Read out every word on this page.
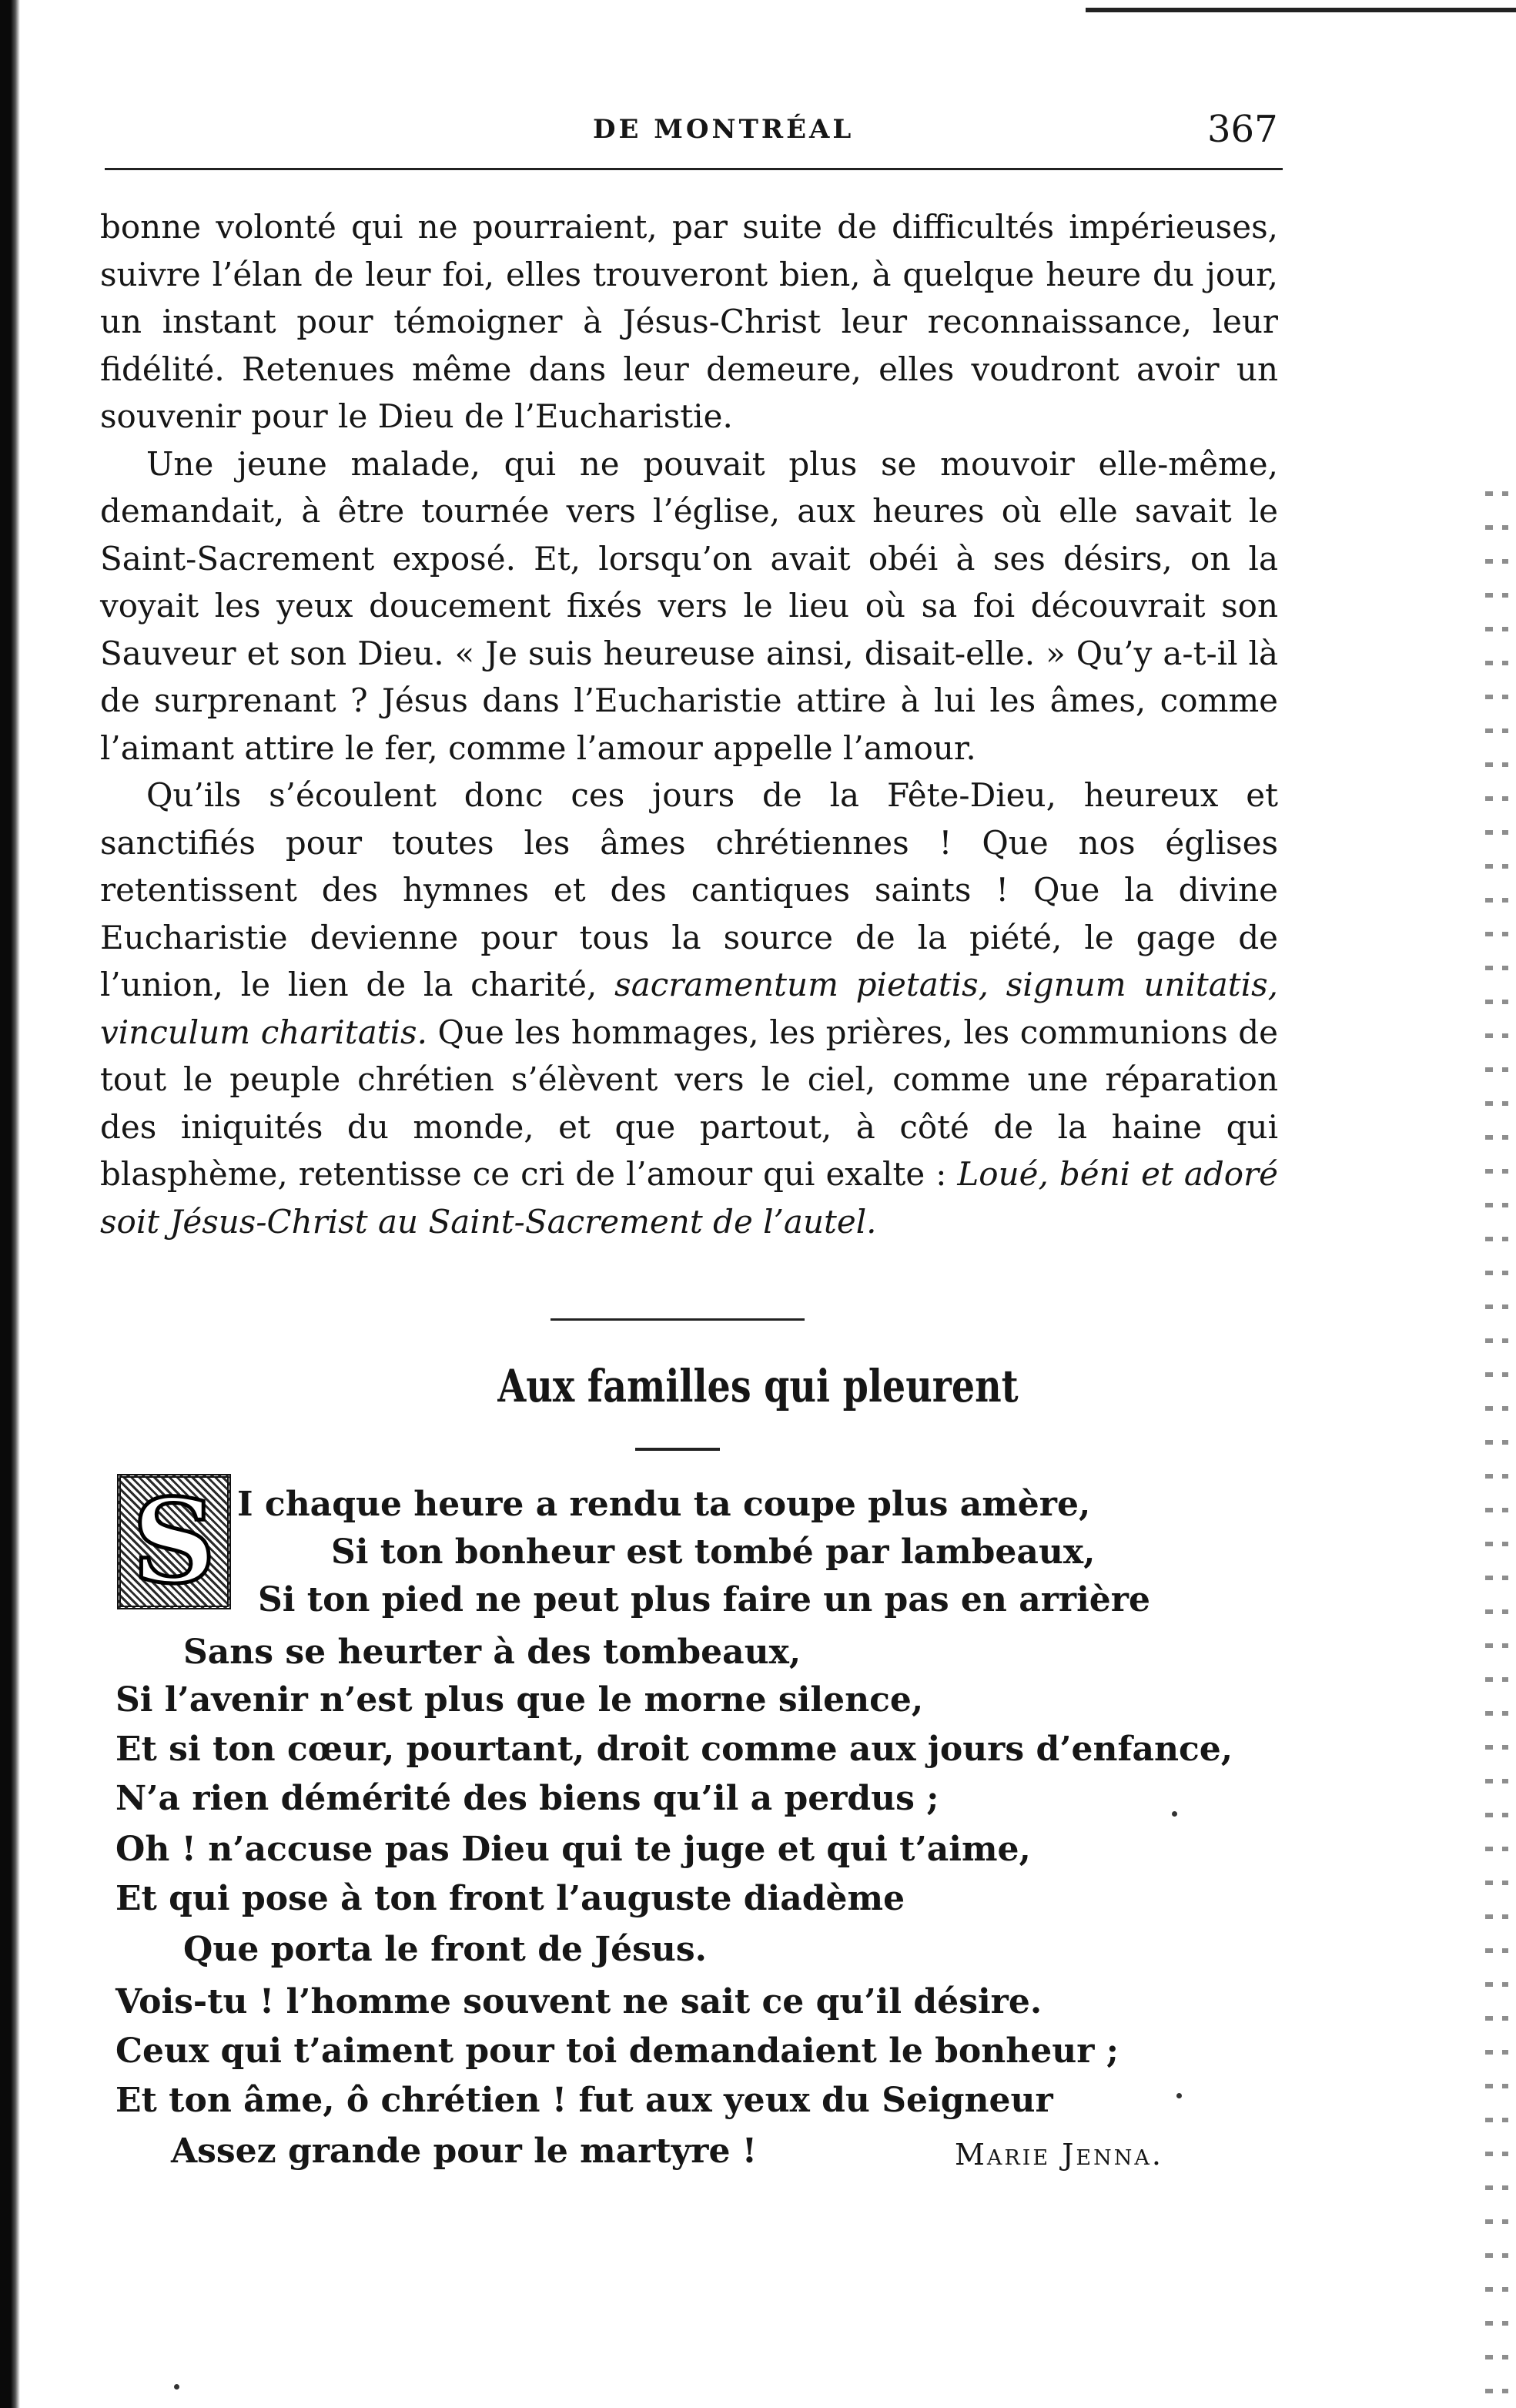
DE MONTRÉAL	367

bonne volonté qui ne pourraient, par suite de difficultés impérieuses, suivre l’élan de leur foi, elles trouveront bien, à quelque heure du jour, un instant pour témoigner à Jésus-Christ leur reconnaissance, leur fidélité. Retenues même dans leur demeure, elles voudront avoir un souvenir pour le Dieu de l’Eucharistie.

Une jeune malade, qui ne pouvait plus se mouvoir elle-même, demandait, à être tournée vers l’église, aux heures où elle savait le Saint-Sacrement exposé. Et, lorsqu’on avait obéi à ses désirs, on la voyait les yeux doucement fixés vers le lieu où sa foi découvrait son Sauveur et son Dieu. « Je suis heureuse ainsi, disait-elle. » Qu’y a-t-il là de surprenant ? Jésus dans l’Eucharistie attire à lui les âmes, comme l’aimant attire le fer, comme l’amour appelle l’amour.

Qu’ils s’écoulent donc ces jours de la Fête-Dieu, heureux et sanctifiés pour toutes les âmes chrétiennes ! Que nos églises retentissent des hymnes et des cantiques saints ! Que la divine Eucharistie devienne pour tous la source de la piété, le gage de l’union, le lien de la charité, sacramentum pietatis, signum unitatis, vinculum charitatis. Que les hommages, les prières, les communions de tout le peuple chrétien s’élèvent vers le ciel, comme une réparation des iniquités du monde, et que partout, à côté de la haine qui blasphème, retentisse ce cri de l’amour qui exalte : Loué, béni et adoré soit Jésus-Christ au Saint-Sacrement de l’autel.

Aux familles qui pleurent
S I chaque heure a rendu ta coupe plus amère,
Si ton bonheur est tombé par lambeaux,
Si ton pied ne peut plus faire un pas en arrière
Sans se heurter à des tombeaux,
Si l’avenir n’est plus que le morne silence,
Et si ton cœur, pourtant, droit comme aux jours d’enfance,
N’a rien démérité des biens qu’il a perdus ;
Oh ! n’accuse pas Dieu qui te juge et qui t’aime,
Et qui pose à ton front l’auguste diadème
Que porta le front de Jésus.
Vois-tu ! l’homme souvent ne sait ce qu’il désire.
Ceux qui t’aiment pour toi demandaient le bonheur ;
Et ton âme, ô chrétien ! fut aux yeux du Seigneur
Assez grande pour le martyre !	Marie Jenna.
